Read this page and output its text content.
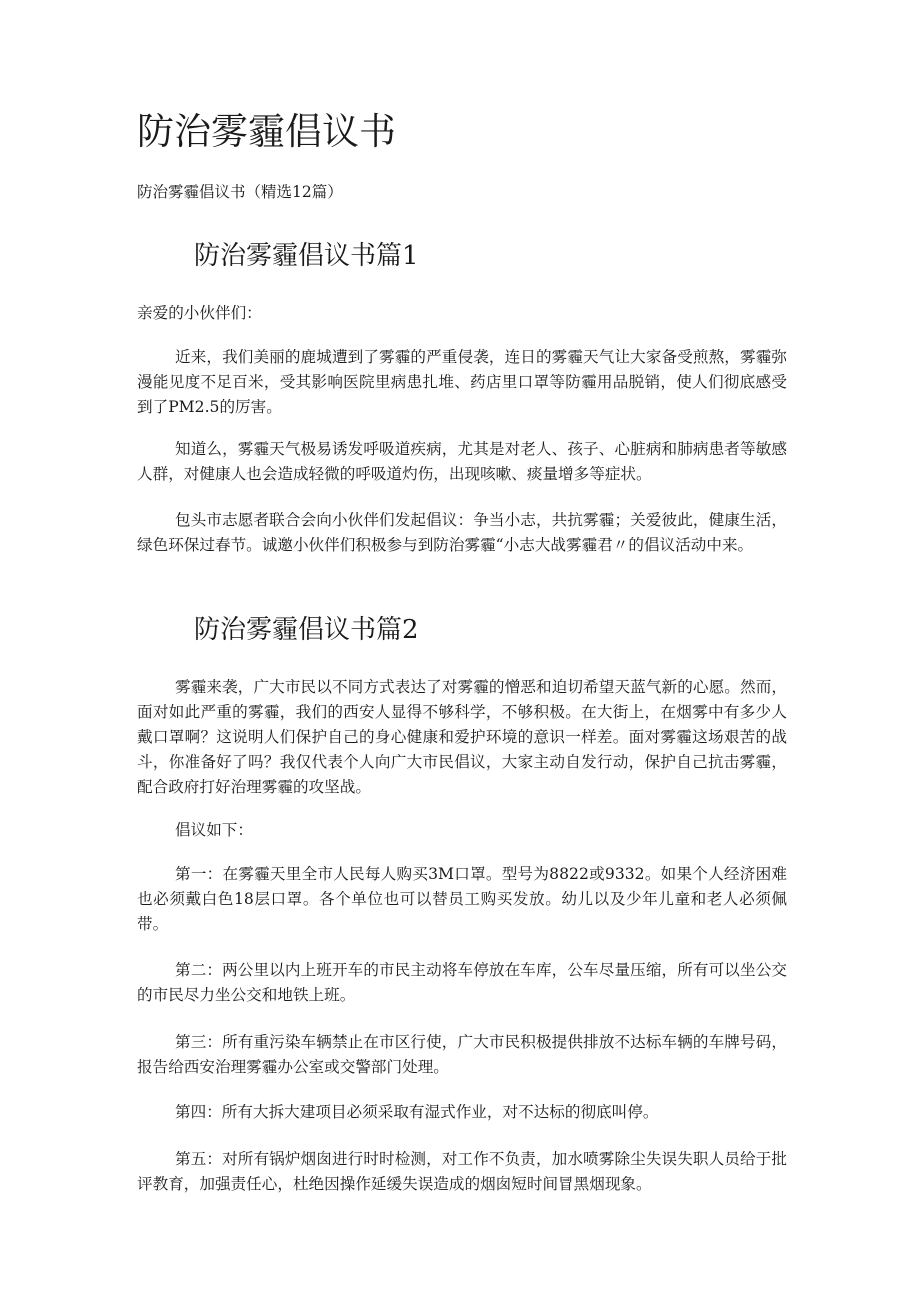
防治雾霾倡议书

防治雾霾倡议书（精选12篇）

防治雾霾倡议书篇1

亲爱的小伙伴们：

近来，我们美丽的鹿城遭到了雾霾的严重侵袭，连日的雾霾天气让大家备受煎熬，雾霾弥漫能见度不足百米，受其影响医院里病患扎堆、药店里口罩等防霾用品脱销，使人们彻底感受到了PM2.5的厉害。

知道么，雾霾天气极易诱发呼吸道疾病，尤其是对老人、孩子、心脏病和肺病患者等敏感人群，对健康人也会造成轻微的呼吸道灼伤，出现咳嗽、痰量增多等症状。

包头市志愿者联合会向小伙伴们发起倡议：争当小志，共抗雾霾；关爱彼此，健康生活，绿色环保过春节。诚邀小伙伴们积极参与到防治雾霾“小志大战雾霾君〃的倡议活动中来。

防治雾霾倡议书篇2

雾霾来袭，广大市民以不同方式表达了对雾霾的憎恶和迫切希望天蓝气新的心愿。然而，面对如此严重的雾霾，我们的西安人显得不够科学，不够积极。在大街上，在烟雾中有多少人戴口罩啊？这说明人们保护自己的身心健康和爱护环境的意识一样差。面对雾霾这场艰苦的战斗，你准备好了吗？我仅代表个人向广大市民倡议，大家主动自发行动，保护自己抗击雾霾，配合政府打好治理雾霾的攻坚战。

倡议如下：

第一：在雾霾天里全市人民每人购买3M口罩。型号为8822或9332。如果个人经济困难也必须戴白色18层口罩。各个单位也可以替员工购买发放。幼儿以及少年儿童和老人必须佩带。

第二：两公里以内上班开车的市民主动将车停放在车库，公车尽量压缩，所有可以坐公交的市民尽力坐公交和地铁上班。

第三：所有重污染车辆禁止在市区行使，广大市民积极提供排放不达标车辆的车牌号码，报告给西安治理雾霾办公室或交警部门处理。

第四：所有大拆大建项目必须采取有湿式作业，对不达标的彻底叫停。

第五：对所有锅炉烟囱进行时时检测，对工作不负责，加水喷雾除尘失误失职人员给于批评教育，加强责任心，杜绝因操作延缓失误造成的烟囱短时间冒黑烟现象。
